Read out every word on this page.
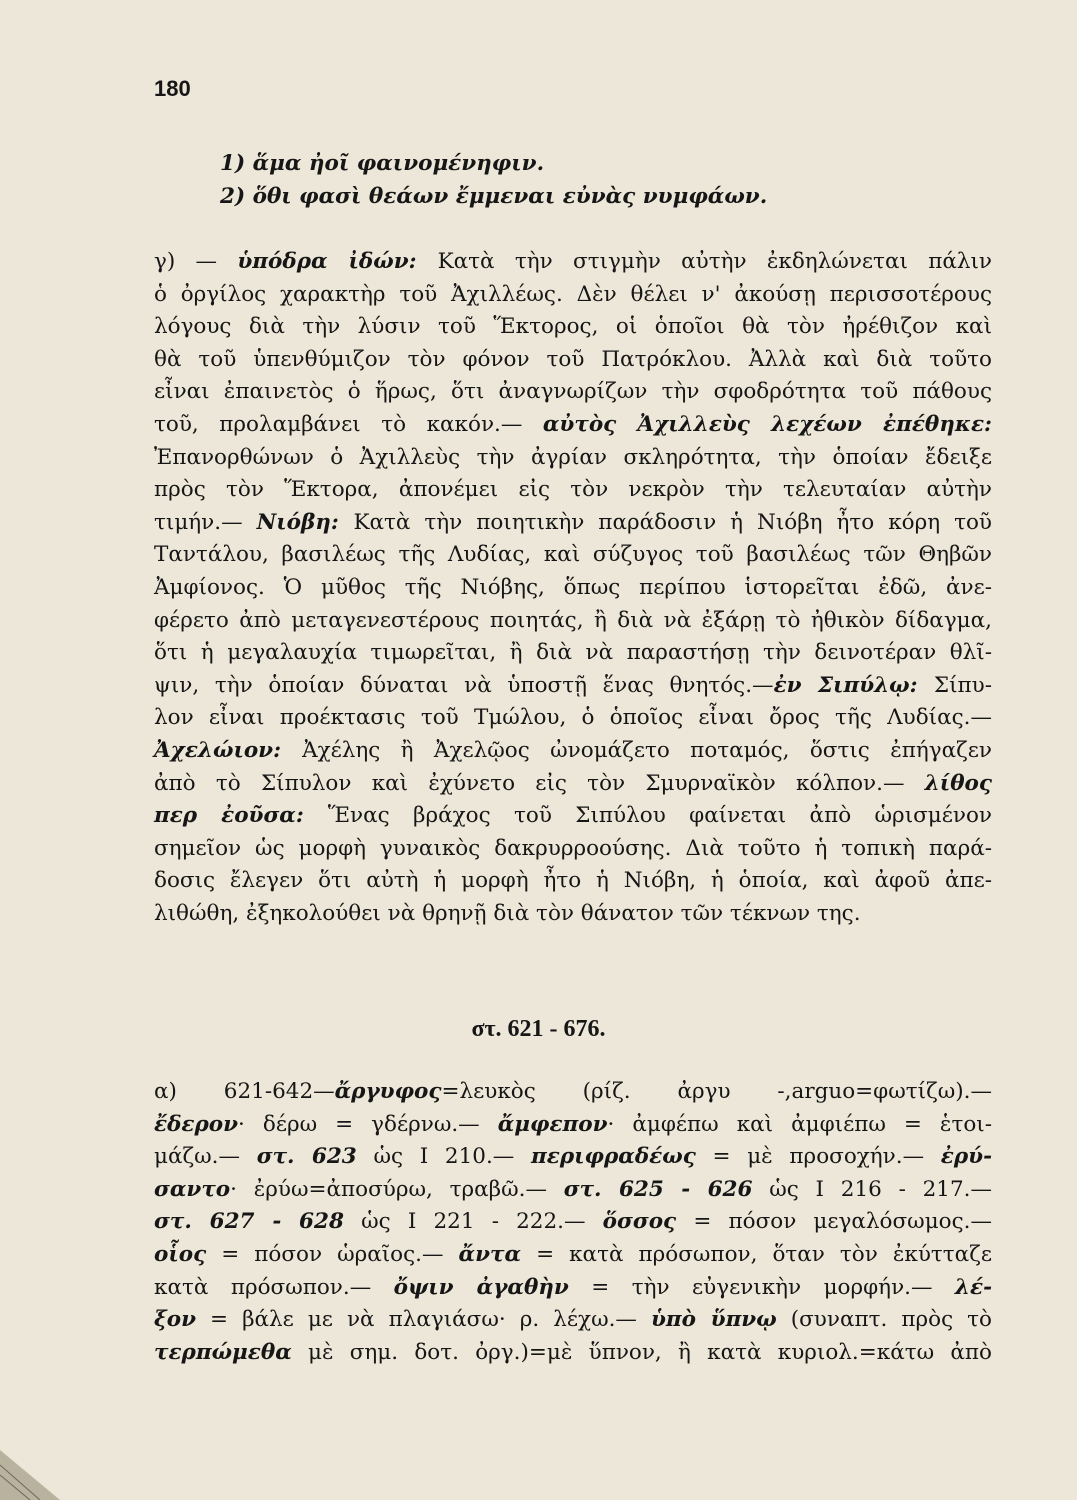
180
1) ἅμα ἠοῖ φαινομένηφιν.
2) ὅθι φασὶ θεάων ἔμμεναι εὐνὰς νυμφάων.
γ) — ὑπόδρα ἰδών: Κατὰ τὴν στιγμὴν αὐτὴν ἐκδηλώνεται πάλιν
ὁ ὀργίλος χαρακτὴρ τοῦ Ἀχιλλέως. Δὲν θέλει ν' ἀκούσῃ περισσοτέρους
λόγους διὰ τὴν λύσιν τοῦ Ἕκτορος, οἱ ὁποῖοι θὰ τὸν ἠρέθιζον καὶ
θὰ τοῦ ὑπενθύμιζον τὸν φόνον τοῦ Πατρόκλου. Ἀλλὰ καὶ διὰ τοῦτο
εἶναι ἐπαινετὸς ὁ ἥρως, ὅτι ἀναγνωρίζων τὴν σφοδρότητα τοῦ πάθους
τοῦ, προλαμβάνει τὸ κακόν.— αὐτὸς Ἀχιλλεὺς λεχέων ἐπέθηκε:
Ἐπανορθώνων ὁ Ἀχιλλεὺς τὴν ἀγρίαν σκληρότητα, τὴν ὁποίαν ἔδειξε
πρὸς τὸν Ἕκτορα, ἀπονέμει εἰς τὸν νεκρὸν τὴν τελευταίαν αὐτὴν
τιμήν.— Νιόβη: Κατὰ τὴν ποιητικὴν παράδοσιν ἡ Νιόβη ἦτο κόρη τοῦ
Ταντάλου, βασιλέως τῆς Λυδίας, καὶ σύζυγος τοῦ βασιλέως τῶν Θηβῶν
Ἀμφίονος. Ὁ μῦθος τῆς Νιόβης, ὅπως περίπου ἱστορεῖται ἐδῶ, ἀνε-
φέρετο ἀπὸ μεταγενεστέρους ποιητάς, ἢ διὰ νὰ ἐξάρῃ τὸ ἠθικὸν δίδαγμα,
ὅτι ἡ μεγαλαυχία τιμωρεῖται, ἢ διὰ νὰ παραστήσῃ τὴν δεινοτέραν θλῖ-
ψιν, τὴν ὁποίαν δύναται νὰ ὑποστῇ ἕνας θνητός.—ἐν Σιπύλῳ: Σίπυ-
λον εἶναι προέκτασις τοῦ Τμώλου, ὁ ὁποῖος εἶναι ὄρος τῆς Λυδίας.—
Ἀχελώιον: Ἀχέλης ἢ Ἀχελῷος ὠνομάζετο ποταμός, ὅστις ἐπήγαζεν
ἀπὸ τὸ Σίπυλον καὶ ἐχύνετο εἰς τὸν Σμυρναϊκὸν κόλπον.— λίθος
περ ἐοῦσα: Ἕνας βράχος τοῦ Σιπύλου φαίνεται ἀπὸ ὡρισμένον
σημεῖον ὡς μορφὴ γυναικὸς δακρυρροούσης. Διὰ τοῦτο ἡ τοπικὴ παρά-
δοσις ἔλεγεν ὅτι αὐτὴ ἡ μορφὴ ἦτο ἡ Νιόβη, ἡ ὁποία, καὶ ἀφοῦ ἀπε-
λιθώθη, ἐξηκολούθει νὰ θρηνῇ διὰ τὸν θάνατον τῶν τέκνων της.
στ. 621 - 676.
α) 621-642—ἄργυφος=λευκὸς (ρίζ. ἀργυ -,arguo=φωτίζω).—
ἔδερον· δέρω = γδέρνω.— ἄμφεπον· ἀμφέπω καὶ ἀμφιέπω = ἑτοι-
μάζω.— στ. 623 ὡς Ι 210.— περιφραδέως = μὲ προσοχήν.— ἐρύ-
σαντο· ἐρύω=ἀποσύρω, τραβῶ.— στ. 625 - 626 ὡς Ι 216 - 217.—
στ. 627 - 628 ὡς Ι 221 - 222.— ὅσσος = πόσον μεγαλόσωμος.—
οἷος = πόσον ὡραῖος.— ἄντα = κατὰ πρόσωπον, ὅταν τὸν ἐκύτταζε
κατὰ πρόσωπον.— ὄψιν ἀγαθὴν = τὴν εὐγενικὴν μορφήν.— λέ-
ξον = βάλε με νὰ πλαγιάσω· ρ. λέχω.— ὑπὸ ὕπνῳ (συναπτ. πρὸς τὸ
τερπώμεθα μὲ σημ. δοτ. ὀργ.)=μὲ ὕπνον, ἢ κατὰ κυριολ.=κάτω ἀπὸ
